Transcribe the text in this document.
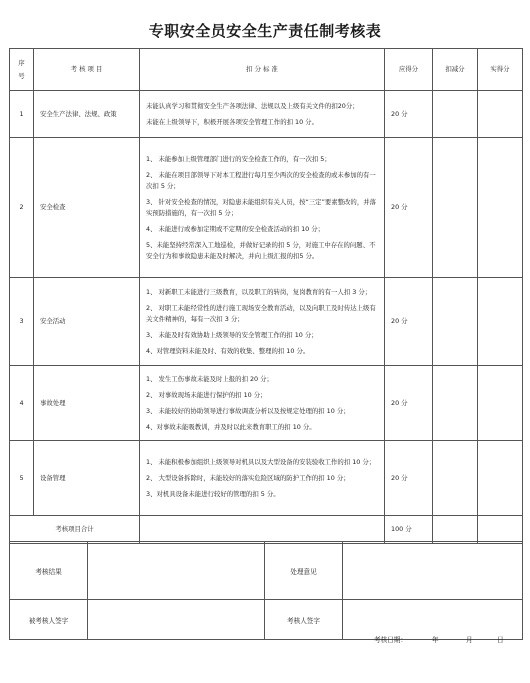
专职安全员安全生产责任制考核表
序号	考 核 项 目	扣 分 标 准	应得分	扣减分	实得分
1	安全生产法律、法规、政策	未能认真学习和贯彻安全生产各项法律、法规以及上级有关文件的扣20分；
未能在上级领导下，积极开展各项安全管理工作的扣 10 分。	20 分		
2	安全检查	1、 未能参加上级管理部门进行的安全检查工作的，有一次扣 5；
2、 未能在项目部领导下对本工程进行每月至少两次的安全检查的或未参加的有一次扣 5 分；
3、 针对安全检查的情况，对隐患未能组织有关人员，按“三定”要素整改的，并落实预防措施的，有一次扣 5 分；
4、 未能进行或参加定期或不定期的安全检查活动的扣 10 分；
5、未能坚持经常深入工地巡检，并做好记录的扣 5 分，对施工中存在的问题、不安全行为和事故隐患未能及时解决，并向上级汇报的扣5 分。	20 分		
3	安全活动	1、 对新职工未能进行三级教育，以及职工的转岗，复岗教育的有一人扣 3 分；
2、 对职工未能经常性的进行施工现场安全教育活动，以及向职工及时传达上级有关文件精神的，每有一次扣 3 分；
3、 未能及时有效协助上级领导的安全管理工作的扣 10 分；
4、对管理资料未能及时、有效的收集、整理的扣 10 分。	20 分		
4	事故处理	1、 发生工伤事故未能及时上报的扣 20 分；
2、 对事故现场未能进行保护的扣 10 分；
3、 未能较好的协助领导进行事故调查分析以及按规定处理的扣 10 分；
4、对事故未能吸教训，并及时以此来教育职工的扣 10 分。	20 分		
5	设备管理	1、 未能积极参加组织上级领导对机具以及大型设备的安装验收工作的扣 10 分；
2、 大型设备拆除时，未能较好的落实危险区域的防护工作的扣 10 分；
3、对机具设备未能进行较好的管理的扣 5 分。	20 分		
考核项目合计			100 分		
考核结果		处理意见	
被考核人签字		考核人签字	
考核日期：	年	月	日
